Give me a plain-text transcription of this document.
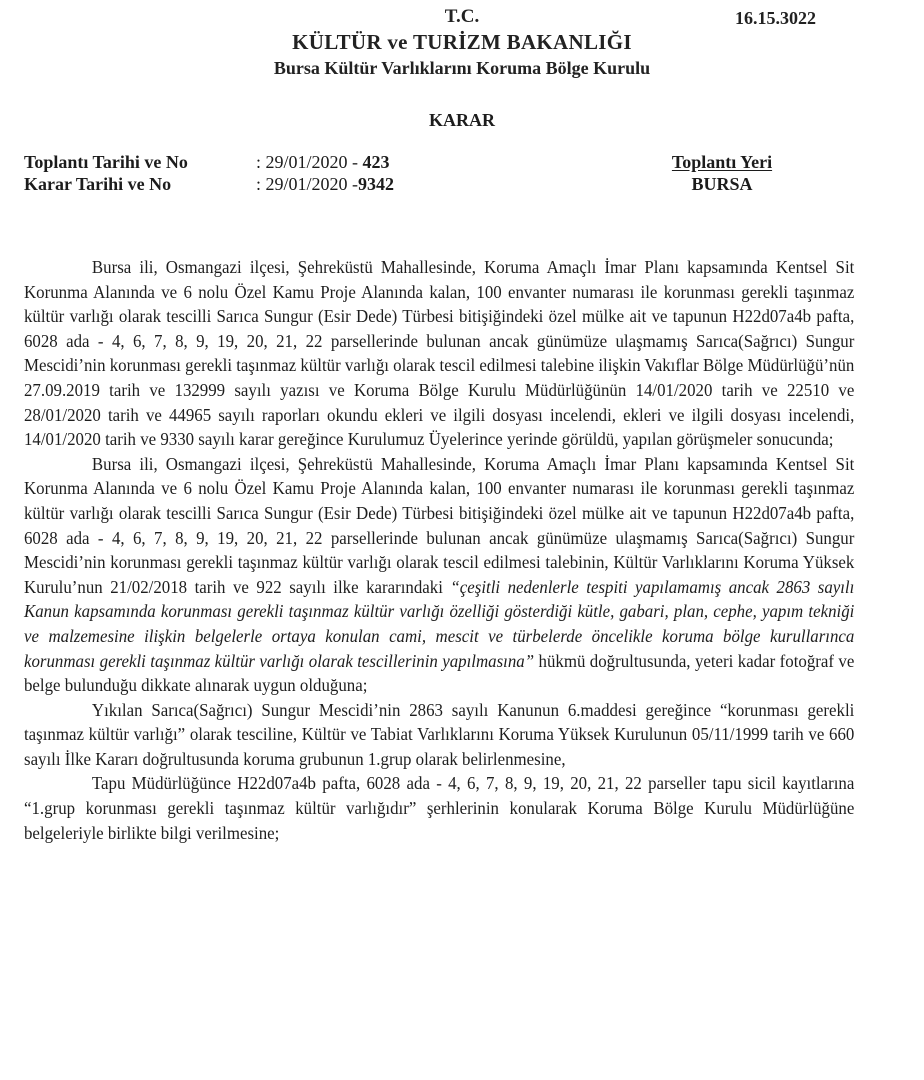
T.C.
KÜLTÜR ve TURİZM BAKANLIĞI
Bursa Kültür Varlıklarını Koruma Bölge Kurulu
16.15.3022
KARAR
Toplantı Tarihi ve No	: 29/01/2020 - 423
Karar Tarihi ve No	: 29/01/2020 -9342
Toplantı Yeri
BURSA

Bursa ili, Osmangazi ilçesi, Şehreküstü Mahallesinde, Koruma Amaçlı İmar Planı kapsamında Kentsel Sit Korunma Alanında ve 6 nolu Özel Kamu Proje Alanında kalan, 100 envanter numarası ile korunması gerekli taşınmaz kültür varlığı olarak tescilli Sarıca Sungur (Esir Dede) Türbesi bitişiğindeki özel mülke ait ve tapunun H22d07a4b pafta, 6028 ada - 4, 6, 7, 8, 9, 19, 20, 21, 22 parsellerinde bulunan ancak günümüze ulaşmamış Sarıca(Sağrıcı) Sungur Mescidi’nin korunması gerekli taşınmaz kültür varlığı olarak tescil edilmesi talebine ilişkin Vakıflar Bölge Müdürlüğü’nün 27.09.2019 tarih ve 132999 sayılı yazısı ve Koruma Bölge Kurulu Müdürlüğünün 14/01/2020 tarih ve 22510 ve 28/01/2020 tarih ve 44965 sayılı raporları okundu ekleri ve ilgili dosyası incelendi, ekleri ve ilgili dosyası incelendi, 14/01/2020 tarih ve 9330 sayılı karar gereğince Kurulumuz Üyelerince yerinde görüldü, yapılan görüşmeler sonucunda;

Bursa ili, Osmangazi ilçesi, Şehreküstü Mahallesinde, Koruma Amaçlı İmar Planı kapsamında Kentsel Sit Korunma Alanında ve 6 nolu Özel Kamu Proje Alanında kalan, 100 envanter numarası ile korunması gerekli taşınmaz kültür varlığı olarak tescilli Sarıca Sungur (Esir Dede) Türbesi bitişiğindeki özel mülke ait ve tapunun H22d07a4b pafta, 6028 ada - 4, 6, 7, 8, 9, 19, 20, 21, 22 parsellerinde bulunan ancak günümüze ulaşmamış Sarıca(Sağrıcı) Sungur Mescidi’nin korunması gerekli taşınmaz kültür varlığı olarak tescil edilmesi talebinin, Kültür Varlıklarını Koruma Yüksek Kurulu’nun 21/02/2018 tarih ve 922 sayılı ilke kararındaki “çeşitli nedenlerle tespiti yapılamamış ancak 2863 sayılı Kanun kapsamında korunması gerekli taşınmaz kültür varlığı özelliği gösterdiği kütle, gabari, plan, cephe, yapım tekniği ve malzemesine ilişkin belgelerle ortaya konulan cami, mescit ve türbelerde öncelikle koruma bölge kurullarınca korunması gerekli taşınmaz kültür varlığı olarak tescillerinin yapılmasına” hükmü doğrultusunda, yeteri kadar fotoğraf ve belge bulunduğu dikkate alınarak uygun olduğuna;

Yıkılan Sarıca(Sağrıcı) Sungur Mescidi’nin 2863 sayılı Kanunun 6.maddesi gereğince “korunması gerekli taşınmaz kültür varlığı” olarak tesciline, Kültür ve Tabiat Varlıklarını Koruma Yüksek Kurulunun 05/11/1999 tarih ve 660 sayılı İlke Kararı doğrultusunda koruma grubunun 1.grup olarak belirlenmesine,

Tapu Müdürlüğünce H22d07a4b pafta, 6028 ada - 4, 6, 7, 8, 9, 19, 20, 21, 22 parseller tapu sicil kayıtlarına “1.grup korunması gerekli taşınmaz kültür varlığıdır” şerhlerinin konularak Koruma Bölge Kurulu Müdürlüğüne belgeleriyle birlikte bilgi verilmesine;
